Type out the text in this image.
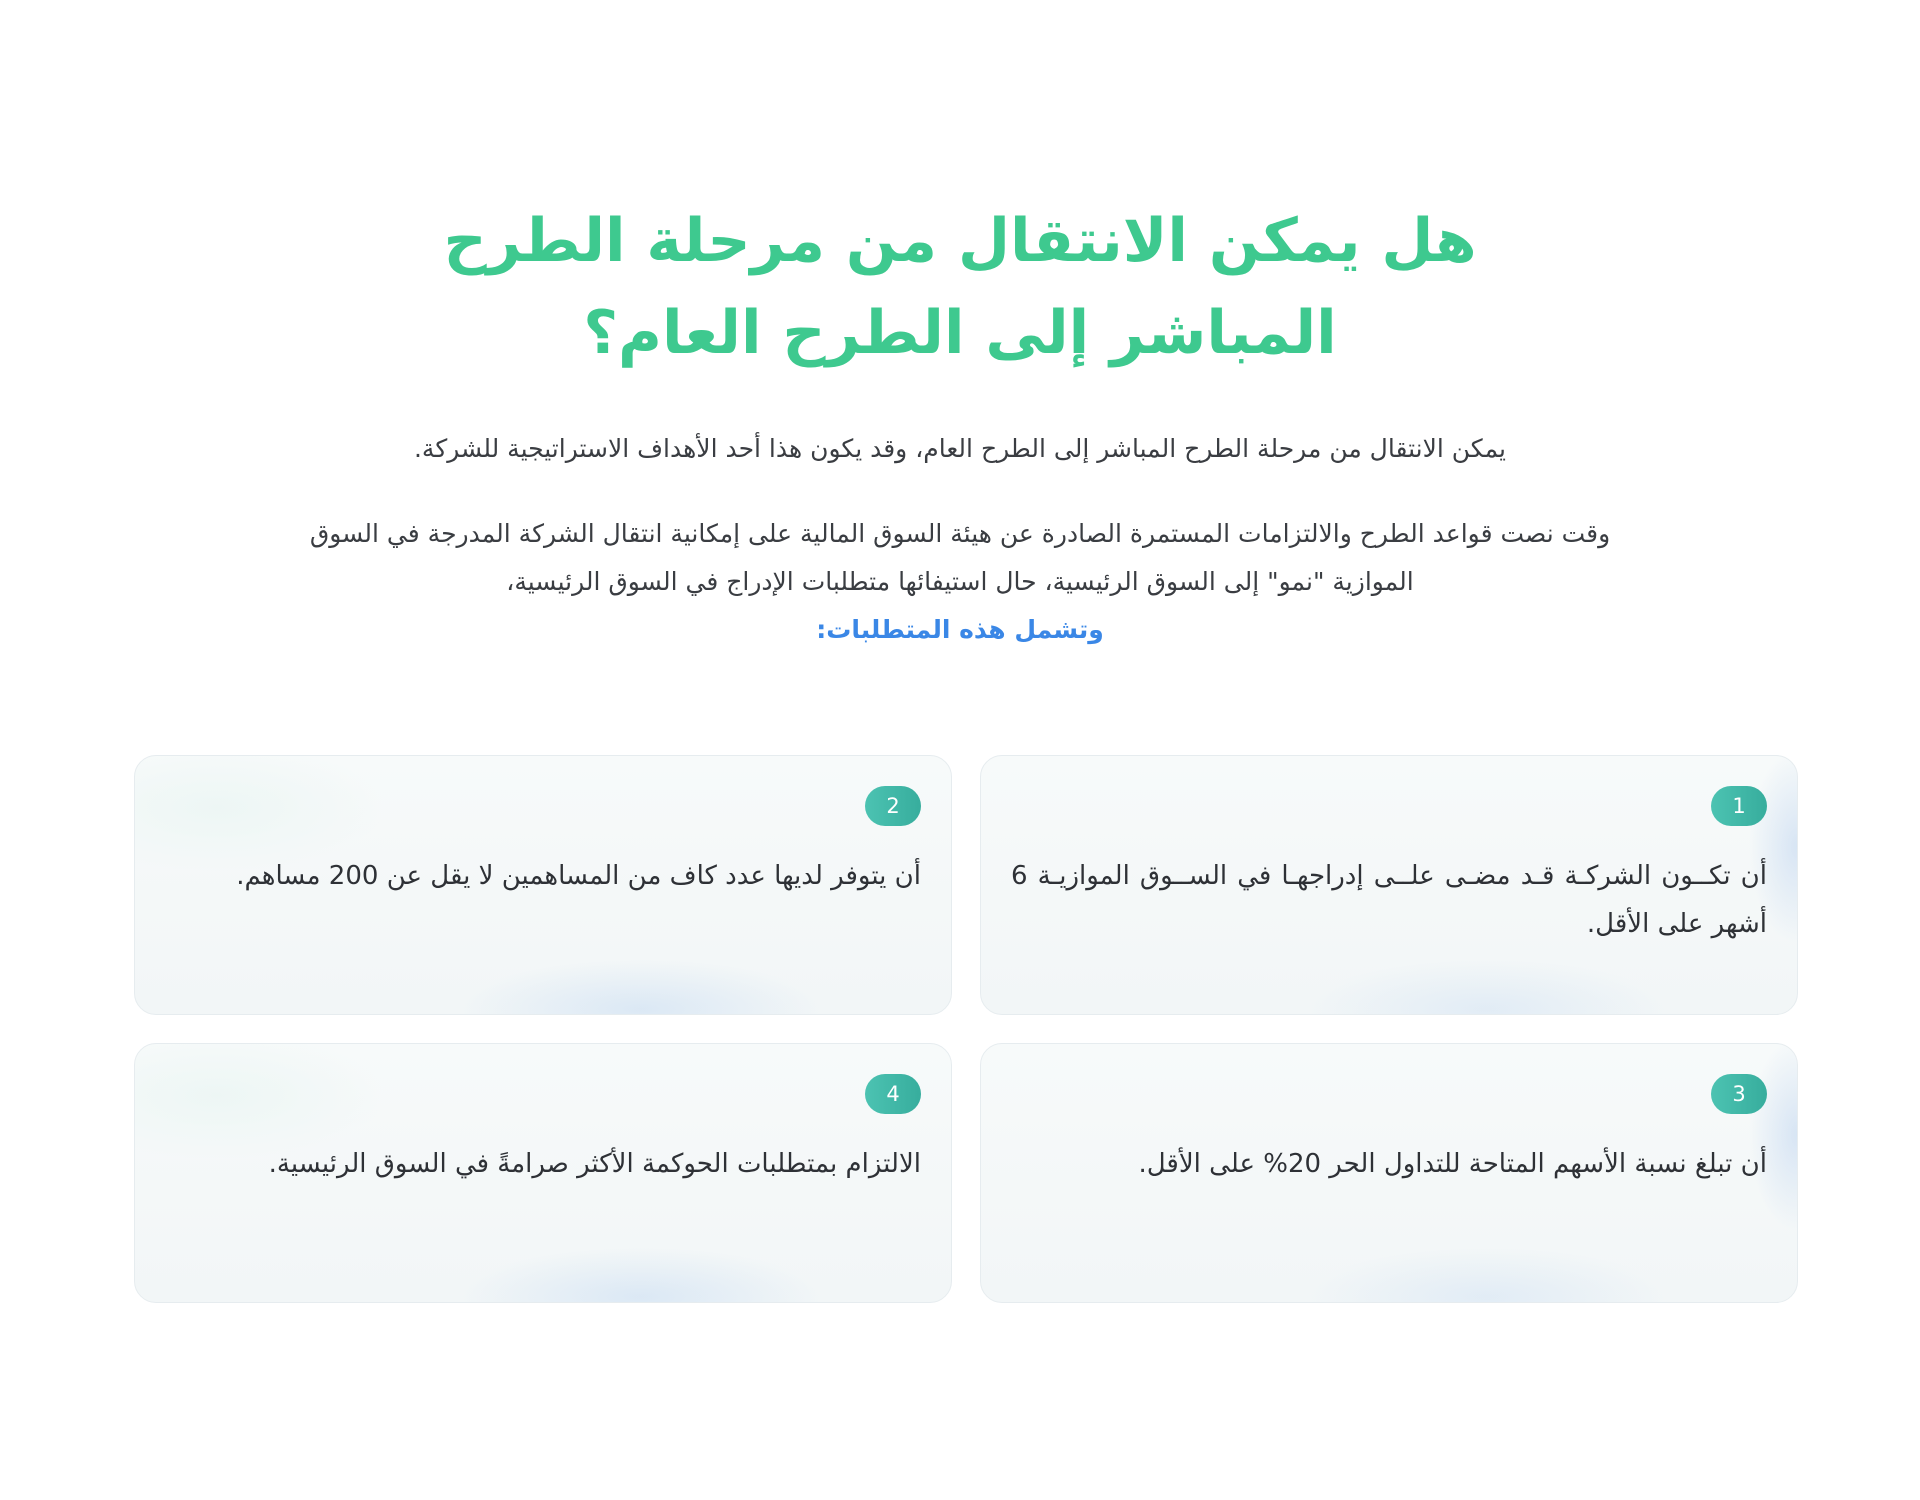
هل يمكن الانتقال من مرحلة الطرح المباشر إلى الطرح العام؟

يمكن الانتقال من مرحلة الطرح المباشر إلى الطرح العام، وقد يكون هذا أحد الأهداف الاستراتيجية للشركة.

وقت نصت قواعد الطرح والالتزامات المستمرة الصادرة عن هيئة السوق المالية على إمكانية انتقال الشركة المدرجة في السوق الموازية "نمو" إلى السوق الرئيسية، حال استيفائها متطلبات الإدراج في السوق الرئيسية،
وتشمل هذه المتطلبات:

1

أن تكــون الشركـة قـد مضـى علــى إدراجهـا في الســوق الموازيـة 6 أشهر على الأقل.

2

أن يتوفر لديها عدد كاف من المساهمين لا يقل عن 200 مساهم.

3

أن تبلغ نسبة الأسهم المتاحة للتداول الحر 20% على الأقل.

4

الالتزام بمتطلبات الحوكمة الأكثر صرامةً في السوق الرئيسية.
